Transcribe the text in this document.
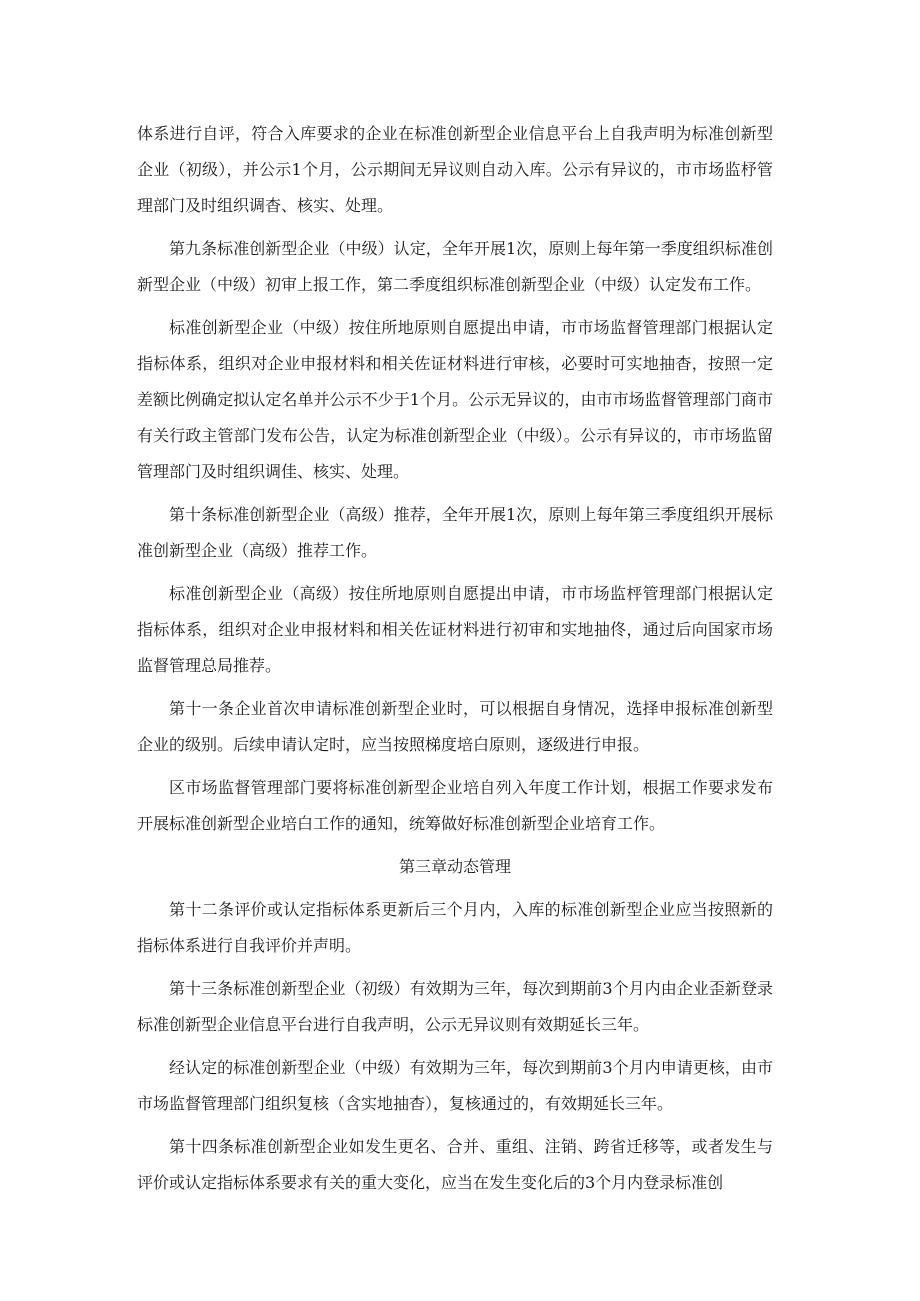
体系进行自评，符合入库要求的企业在标准创新型企业信息平台上自我声明为标准创新型企业（初级），并公示1个月，公示期间无异议则自动入库。公示有异议的，市市场监杼管理部门及时组织调杳、核实、处理。

第九条标准创新型企业（中级）认定，全年开展1次，原则上每年第一季度组织标准创新型企业（中级）初审上报工作，第二季度组织标准创新型企业（中级）认定发布工作。

标准创新型企业（中级）按住所地原则自愿提出申请，市市场监督管理部门根据认定指标体系，组织对企业申报材料和相关佐证材料进行审核，必要时可实地抽杳，按照一定差额比例确定拟认定名单并公示不少于1个月。公示无异议的，由市市场监督管理部门商市有关行政主管部门发布公告，认定为标准创新型企业（中级）。公示有异议的，市市场监留管理部门及时组织调佳、核实、处理。

第十条标准创新型企业（高级）推荐，全年开展1次，原则上每年第三季度组织开展标准创新型企业（高级）推荐工作。

标准创新型企业（高级）按住所地原则自愿提出申请，市市场监枰管理部门根据认定指标体系，组织对企业申报材料和相关佐证材料进行初审和实地抽佟，通过后向国家市场监督管理总局推荐。

第十一条企业首次申请标准创新型企业时，可以根据自身情况，选择申报标准创新型企业的级别。后续申请认定时，应当按照梯度培白原则，逐级进行申报。

区市场监督管理部门要将标准创新型企业培自列入年度工作计划，根据工作要求发布开展标准创新型企业培白工作的通知，统筹做好标准创新型企业培育工作。

第三章动态管理

第十二条评价或认定指标体系更新后三个月内，入库的标准创新型企业应当按照新的指标体系进行自我评价并声明。

第十三条标准创新型企业（初级）有效期为三年，每次到期前3个月内由企业歪新登录标准创新型企业信息平台进行自我声明，公示无异议则有效期延长三年。

经认定的标准创新型企业（中级）有效期为三年，每次到期前3个月内申请更核，由市市场监督管理部门组织复核（含实地抽杳），复核通过的，有效期延长三年。

第十四条标准创新型企业如发生更名、合并、重组、注销、跨省迁移等，或者发生与评价或认定指标体系要求有关的重大变化，应当在发生变化后的3个月内登录标准创
